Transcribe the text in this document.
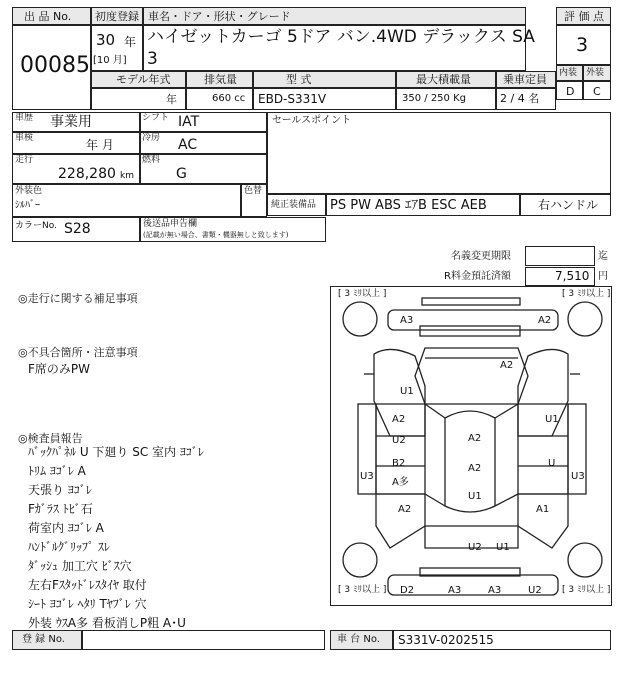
出 品 No.
00085
初度登録
30 年
[10 月]
車名・ドア・形状・グレード
ハイゼットカーゴ 5ドア バン.4WD デラックス SA
3
評 価 点
3
内装 外装
D C
モデル年式
年
排気量
660 cc
型 式
EBD-S331V
最大積載量
350 / 250 Kg
乗車定員
2 / 4 名
車歴 事業用	シフト IAT
車検	年 月	冷房 AC
走行
228,280 km
燃料
G
セールスポイント
外装色
ｼﾙﾊﾞｰ
色替
純正装備品 PS PW ABS ｴｱB ESC AEB	右ハンドル
カラーNo. S28	後送品申告欄
(記載が無い場合、書類・機器無しと致します)
名義変更期限	迄
R料金預託済額	7,510 円
◎走行に関する補足事項
◎不具合箇所・注意事項
F席のみPW
◎検査員報告
ﾊﾞｯｸﾊﾟﾈﾙ U 下廻り SC 室内 ﾖｺﾞﾚ
ﾄﾘﾑ ﾖｺﾞﾚ A
天張り ﾖｺﾞﾚ
Fｶﾞﾗｽ ﾄﾋﾞ石
荷室内 ﾖｺﾞﾚ A
ﾊﾝﾄﾞﾙｸﾞﾘｯﾌﾟ ｽﾚ
ﾀﾞｯｼｭ 加工穴 ﾋﾞｽ穴
左右Fｽﾀｯﾄﾞﾚｽﾀｲﾔ 取付
ｼｰﾄ ﾖｺﾞﾚ ﾍﾀﾘ Tﾔﾌﾞﾚ 穴
外装 ｳｽA多 看板消しP粗 A･U
[ 3 ﾐﾘ以上 ]	[ 3 ﾐﾘ以上 ]
[ 3 ﾐﾘ以上 ]	[ 3 ﾐﾘ以上 ]
A3	A2
A2
U1
U1
A2
U2	A2
B2
A多
A2
U3
U
U3
U1
A2	A1
U2 U1
D2	A3	A3	U2
登 録 No.	車 台 No. S331V-0202515
